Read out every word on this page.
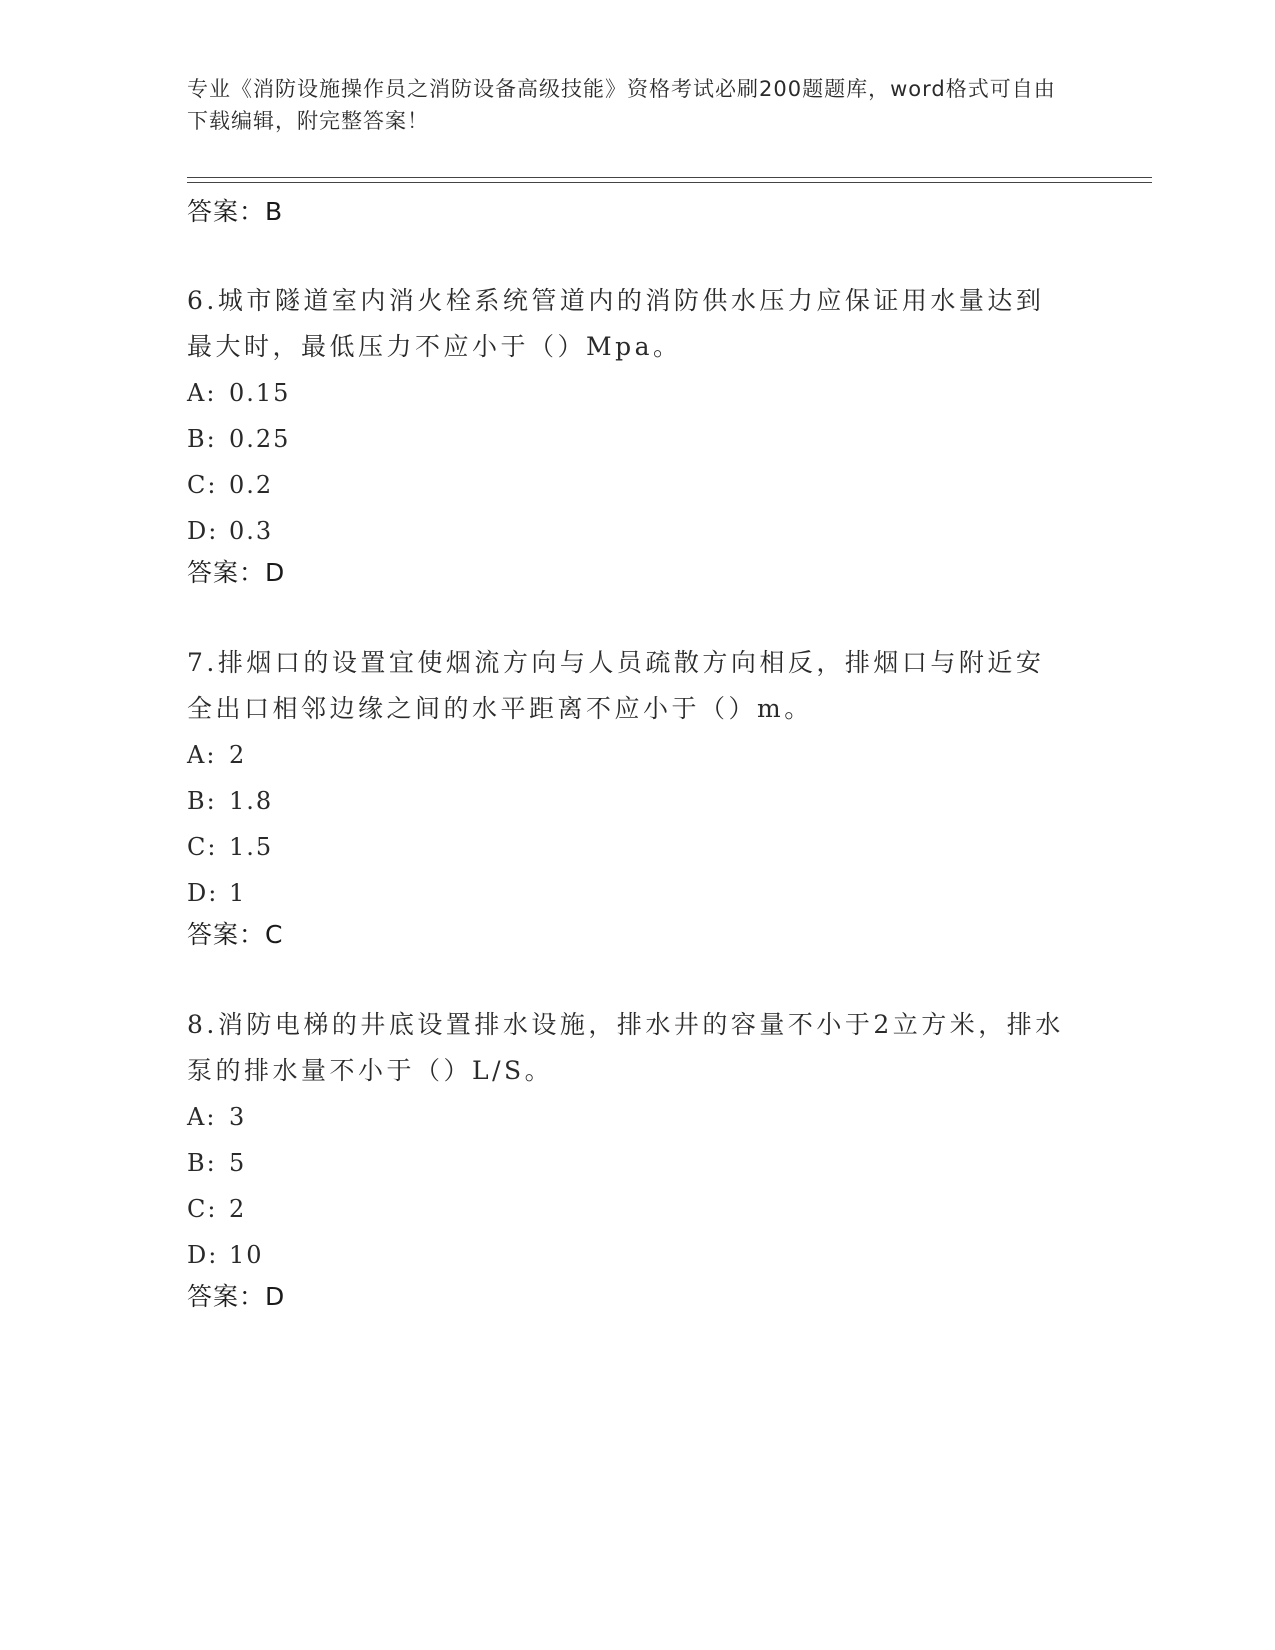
专业《消防设施操作员之消防设备高级技能》资格考试必刷200题题库，word格式可自由下载编辑，附完整答案！
答案：B

6.城市隧道室内消火栓系统管道内的消防供水压力应保证用水量达到最大时，最低压力不应小于（）Mpa。

A: 0.15
B: 0.25
C: 0.2
D: 0.3
答案：D

7.排烟口的设置宜使烟流方向与人员疏散方向相反，排烟口与附近安全出口相邻边缘之间的水平距离不应小于（）m。

A: 2
B: 1.8
C: 1.5
D: 1
答案：C

8.消防电梯的井底设置排水设施，排水井的容量不小于2立方米，排水泵的排水量不小于（）L/S。

A: 3
B: 5
C: 2
D: 10
答案：D
